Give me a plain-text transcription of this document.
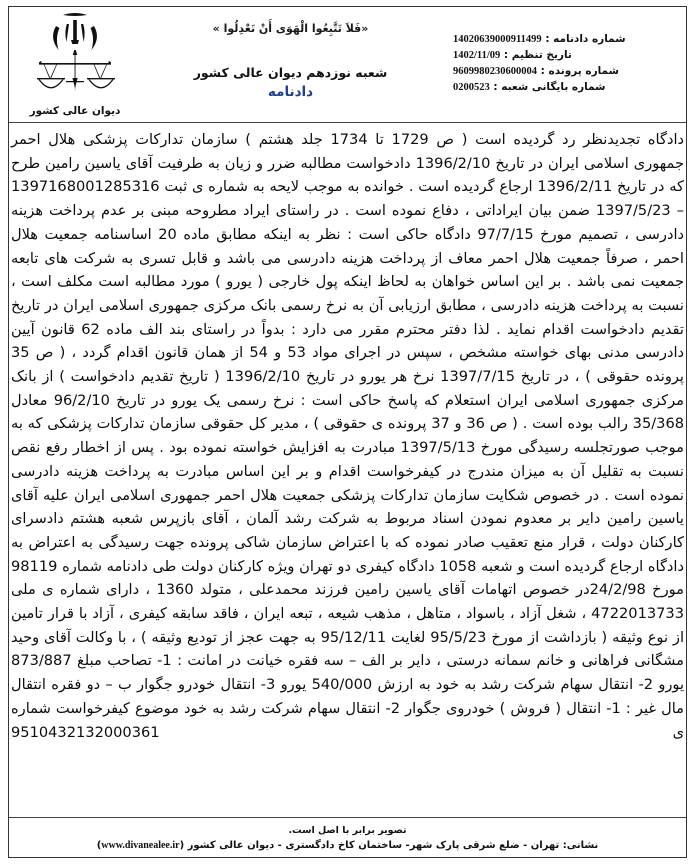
شماره دادنامه : 14020639000911499
تاریخ تنظیم : 1402/11/09
شماره پرونده : 9609980230600004
شماره بایگانی شعبه : 0200523
«فَلاَ تَتَّبِعُوا الْهَوَى أَنْ تَعْدِلُوا »
شعبه نوزدهم دیوان عالی کشور
دادنامه
دیوان عالی کشور

دادگاه تجدیدنظر رد گردیده است ( ص 1729 تا 1734 جلد هشتم ) سازمان تدارکات پزشکی هلال احمر جمهوری اسلامی ایران در تاریخ 1396/2/10 دادخواست مطالبه ضرر و زیان به طرفیت آقای یاسین رامین طرح که در تاریخ 1396/2/11 ارجاع گردیده است . خوانده به موجب لایحه به شماره ی ثبت 1397168001285316 – 1397/5/23 ضمن بیان ایراداتی ، دفاع نموده است . در راستای ایراد مطروحه مبنی بر عدم پرداخت هزینه دادرسی ، تصمیم مورخ 97/7/15 دادگاه حاکی است : نظر به اینکه مطابق ماده 20 اساسنامه جمعیت هلال احمر ، صرفاً جمعیت هلال احمر معاف از پرداخت هزینه دادرسی می باشد و قابل تسری به شرکت های تابعه جمعیت نمی باشد . بر این اساس خواهان به لحاظ اینکه پول خارجی ( یورو ) مورد مطالبه است مکلف است ، نسبت به پرداخت هزینه دادرسی ، مطابق ارزیابی آن به نرخ رسمی بانک مرکزی جمهوری اسلامی ایران در تاریخ تقدیم دادخواست اقدام نماید . لذا دفتر محترم مقرر می دارد : بدواً در راستای بند الف ماده 62 قانون آیین دادرسی مدنی بهای خواسته مشخص ، سپس در اجرای مواد 53 و 54 از همان قانون اقدام گردد ، ( ص 35 پرونده حقوقی ) ، در تاریخ 1397/7/15 نرخ هر یورو در تاریخ 1396/2/10 ( تاریخ تقدیم دادخواست ) از بانک مرکزی جمهوری اسلامی ایران استعلام که پاسخ حاکی است : نرخ رسمی یک یورو در تاریخ 96/2/10 معادل 35/368 رالب بوده است . ( ص 36 و 37 پرونده ی حقوقی ) ، مدیر کل حقوقی سازمان تدارکات پزشکی که به موجب صورتجلسه رسیدگی مورخ 1397/5/13 مبادرت به افزایش خواسته نموده بود . پس از اخطار رفع نقص نسبت به تقلیل آن به میزان مندرج در کیفرخواست اقدام و بر این اساس مبادرت به پرداخت هزینه دادرسی نموده است . در خصوص شکایت سازمان تدارکات پزشکی جمعیت هلال احمر جمهوری اسلامی ایران علیه آقای یاسین رامین دایر بر معدوم نمودن اسناد مربوط به شرکت رشد آلمان ، آقای بازپرس شعبه هشتم دادسرای کارکنان دولت ، قرار منع تعقیب صادر نموده که با اعتراض سازمان شاکی پرونده جهت رسیدگی به اعتراض به دادگاه ارجاع گردیده است و شعبه 1058 دادگاه کیفری دو تهران ویژه کارکنان دولت طی دادنامه شماره 98119 مورخ 24/2/98در خصوص اتهامات آقای یاسین رامین فرزند محمدعلی ، متولد 1360 ، دارای شماره ی ملی 4722013733 ، شغل آزاد ، باسواد ، متاهل ، مذهب شیعه ، تبعه ایران ، فاقد سابقه کیفری ، آزاد با قرار تامین از نوع وثیقه ( بازداشت از مورخ 95/5/23 لغایت 95/12/11 به جهت عجز از تودیع وثیقه ) ، با وکالت آقای وحید مشگانی فراهانی و خانم سمانه درستی ، دایر بر الف – سه فقره خیانت در امانت : 1- تصاحب مبلغ 873/887 یورو 2- انتقال سهام شرکت رشد به خود به ارزش 540/000 یورو 3- انتقال خودرو جگوار ب – دو فقره انتقال مال غیر : 1- انتقال ( فروش ) خودروی جگوار 2- انتقال سهام شرکت رشد به خود موضوع کیفرخواست شماره ی 9510432132000361

تصویر برابر با اصل است.
نشانی: تهران - ضلع شرقی پارک شهر- ساختمان کاخ دادگستری - دیوان عالی کشور (www.divanealee.ir)
